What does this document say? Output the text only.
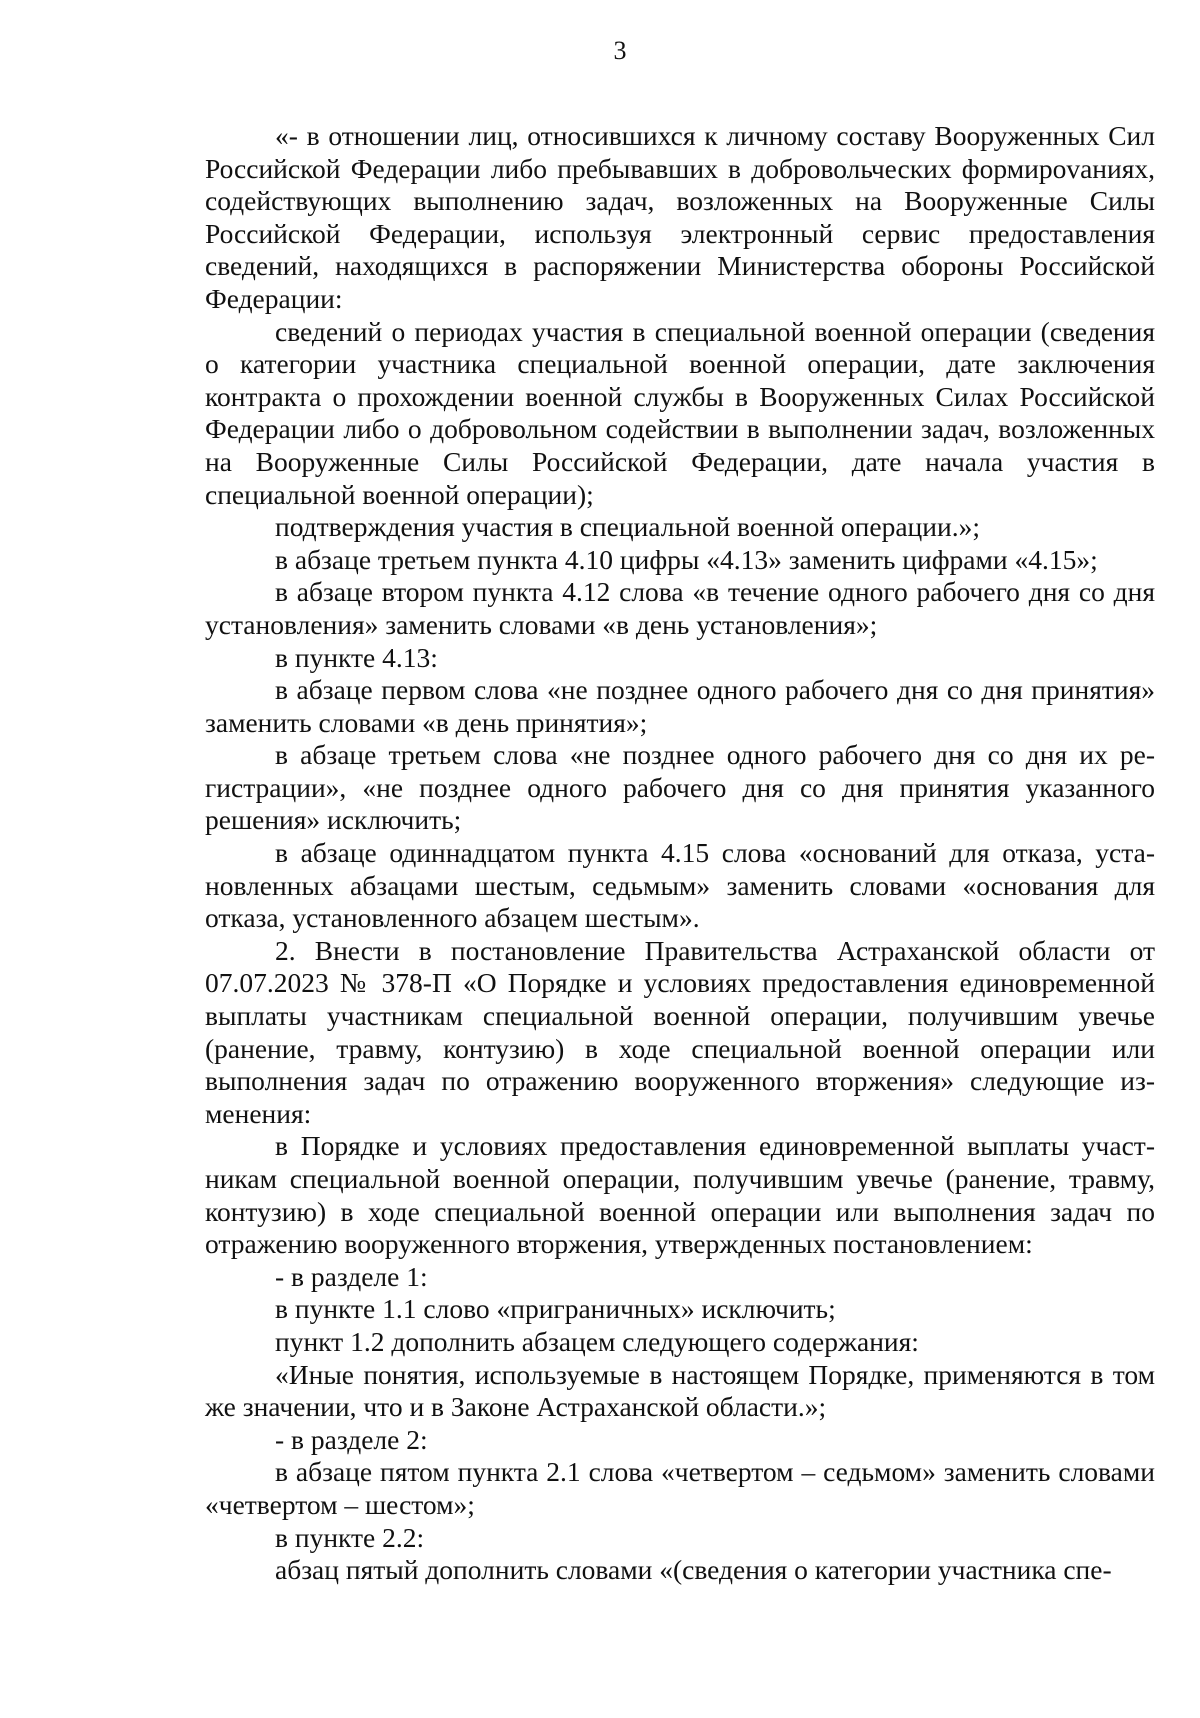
3

«- в отношении лиц, относившихся к личному составу Вооруженных Сил Российской Федерации либо пребывавших в добровольческих формироvаниях, содействующих выполнению задач, возложенных на Вооруженные Силы Российской Федерации, используя электронный сервис предоставления сведений, находящихся в распоряжении Министерства обороны Российской Федерации:

сведений о периодах участия в специальной военной операции (сведения о категории участника специальной военной операции, дате заключения контракта о прохождении военной службы в Вооруженных Силах Российской Федерации либо о добровольном содействии в выполнении задач, возложенных на Вооруженные Силы Российской Федерации, дате начала участия в специальной военной операции);

подтверждения участия в специальной военной операции.»;

в абзаце третьем пункта 4.10 цифры «4.13» заменить цифрами «4.15»;

в абзаце втором пункта 4.12 слова «в течение одного рабочего дня со дня установления» заменить словами «в день установления»;

в пункте 4.13:

в абзаце первом слова «не позднее одного рабочего дня со дня принятия» заменить словами «в день принятия»;

в абзаце третьем слова «не позднее одного рабочего дня со дня их регистрации», «не позднее одного рабочего дня со дня принятия указанного решения» исключить;

в абзаце одиннадцатом пункта 4.15 слова «оснований для отказа, установленных абзацами шестым, седьмым» заменить словами «основания для отказа, установленного абзацем шестым».

2. Внести в постановление Правительства Астраханской области от 07.07.2023 № 378-П «О Порядке и условиях предоставления единовременной выплаты участникам специальной военной операции, получившим увечье (ранение, травму, контузию) в ходе специальной военной операции или выполнения задач по отражению вооруженного вторжения» следующие изменения:

в Порядке и условиях предоставления единовременной выплаты участникам специальной военной операции, получившим увечье (ранение, травму, контузию) в ходе специальной военной операции или выполнения задач по отражению вооруженного вторжения, утвержденных постановлением:

- в разделе 1:

в пункте 1.1 слово «приграничных» исключить;

пункт 1.2 дополнить абзацем следующего содержания:

«Иные понятия, используемые в настоящем Порядке, применяются в том же значении, что и в Законе Астраханской области.»;

- в разделе 2:

в абзаце пятом пункта 2.1 слова «четвертом – седьмом» заменить словами «четвертом – шестом»;

в пункте 2.2:

абзац пятый дополнить словами «(сведения о категории участника спе-
